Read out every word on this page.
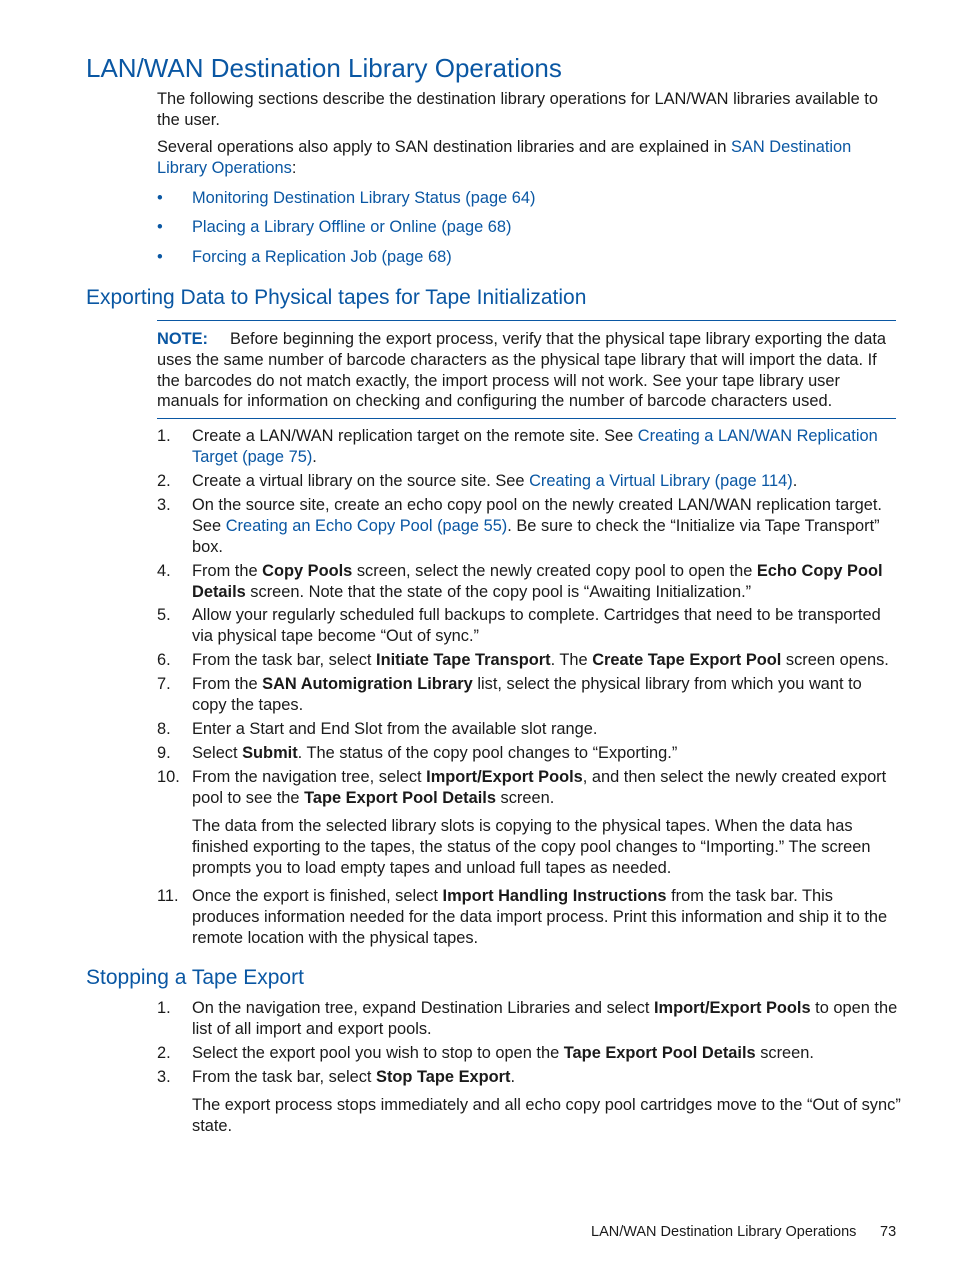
LAN/WAN Destination Library Operations
The following sections describe the destination library operations for LAN/WAN libraries available to the user.
Several operations also apply to SAN destination libraries and are explained in SAN Destination Library Operations:
• Monitoring Destination Library Status (page 64)
• Placing a Library Offline or Online (page 68)
• Forcing a Replication Job (page 68)
Exporting Data to Physical tapes for Tape Initialization
NOTE: Before beginning the export process, verify that the physical tape library exporting the data uses the same number of barcode characters as the physical tape library that will import the data. If the barcodes do not match exactly, the import process will not work. See your tape library user manuals for information on checking and configuring the number of barcode characters used.
1. Create a LAN/WAN replication target on the remote site. See Creating a LAN/WAN Replication Target (page 75).
2. Create a virtual library on the source site. See Creating a Virtual Library (page 114).
3. On the source site, create an echo copy pool on the newly created LAN/WAN replication target. See Creating an Echo Copy Pool (page 55). Be sure to check the “Initialize via Tape Transport” box.
4. From the Copy Pools screen, select the newly created copy pool to open the Echo Copy Pool Details screen. Note that the state of the copy pool is “Awaiting Initialization.”
5. Allow your regularly scheduled full backups to complete. Cartridges that need to be transported via physical tape become “Out of sync.”
6. From the task bar, select Initiate Tape Transport. The Create Tape Export Pool screen opens.
7. From the SAN Automigration Library list, select the physical library from which you want to copy the tapes.
8. Enter a Start and End Slot from the available slot range.
9. Select Submit. The status of the copy pool changes to “Exporting.”
10. From the navigation tree, select Import/Export Pools, and then select the newly created export pool to see the Tape Export Pool Details screen.
The data from the selected library slots is copying to the physical tapes. When the data has finished exporting to the tapes, the status of the copy pool changes to “Importing.” The screen prompts you to load empty tapes and unload full tapes as needed.
11. Once the export is finished, select Import Handling Instructions from the task bar. This produces information needed for the data import process. Print this information and ship it to the remote location with the physical tapes.
Stopping a Tape Export
1. On the navigation tree, expand Destination Libraries and select Import/Export Pools to open the list of all import and export pools.
2. Select the export pool you wish to stop to open the Tape Export Pool Details screen.
3. From the task bar, select Stop Tape Export.
The export process stops immediately and all echo copy pool cartridges move to the “Out of sync” state.
LAN/WAN Destination Library Operations 73
